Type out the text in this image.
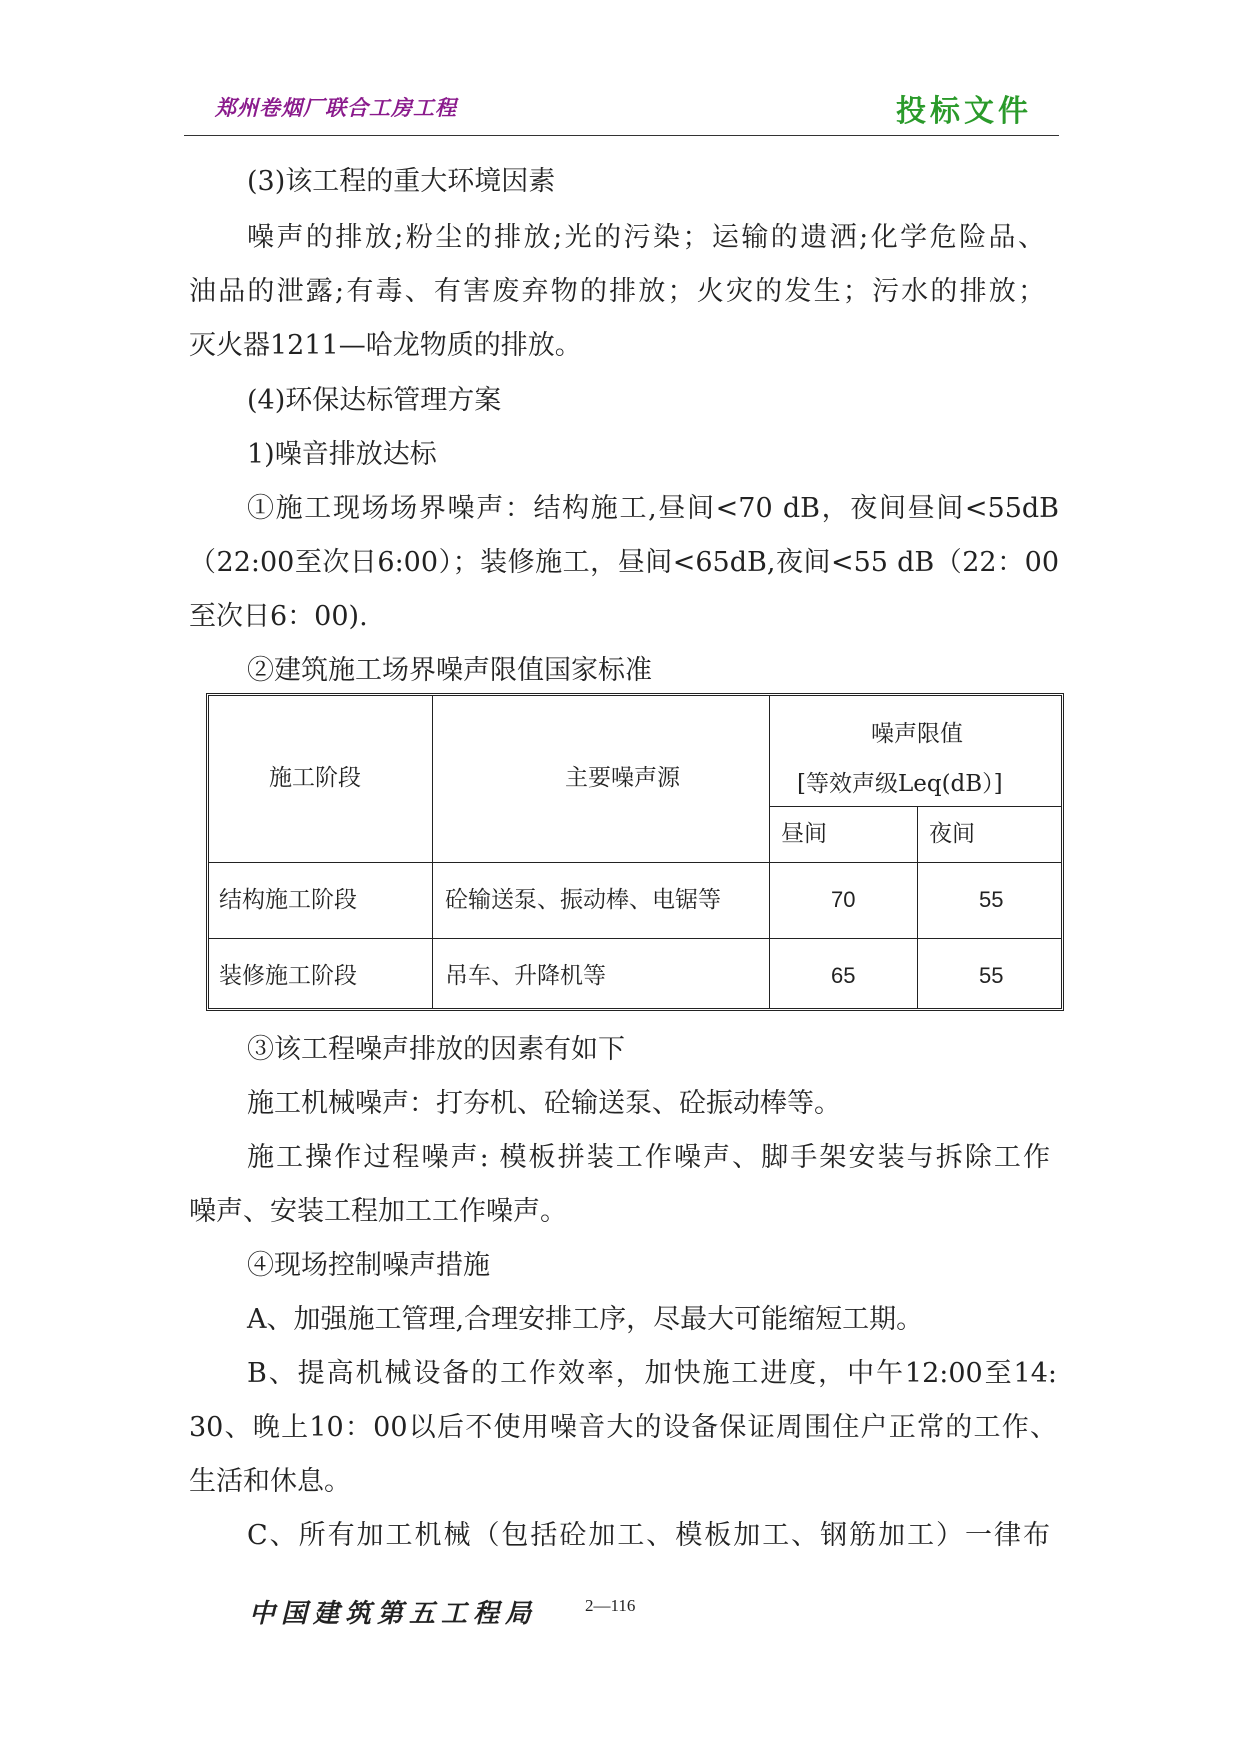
郑州卷烟厂联合工房工程	投标文件
(3)该工程的重大环境因素
噪声的排放;粉尘的排放;光的污染；运输的遗洒;化学危险品、
油品的泄露;有毒、有害废弃物的排放；火灾的发生；污水的排放；
灭火器1211—哈龙物质的排放。
(4)环保达标管理方案
1)噪音排放达标
①施工现场场界噪声：结构施工,昼间<70 dB，夜间昼间<55dB
（22:00至次日6:00）；装修施工，昼间<65dB,夜间<55 dB（22：00
至次日6：00).
②建筑施工场界噪声限值国家标准
施工阶段	主要噪声源
噪声限值
[等效声级Leq(dB）]
昼间	夜间
结构施工阶段	砼输送泵、振动棒、电锯等	70	55
装修施工阶段	吊车、升降机等	65	55
③该工程噪声排放的因素有如下
施工机械噪声：打夯机、砼输送泵、砼振动棒等。
施工操作过程噪声: 模板拼装工作噪声、脚手架安装与拆除工作
噪声、安装工程加工工作噪声。
④现场控制噪声措施
A、加强施工管理,合理安排工序，尽最大可能缩短工期。
B、提高机械设备的工作效率，加快施工进度，中午12:00至14:
30、晚上10：00以后不使用噪音大的设备保证周围住户正常的工作、
生活和休息。
C、所有加工机械（包括砼加工、模板加工、钢筋加工）一律布
中国建筑第五工程局	2—116
